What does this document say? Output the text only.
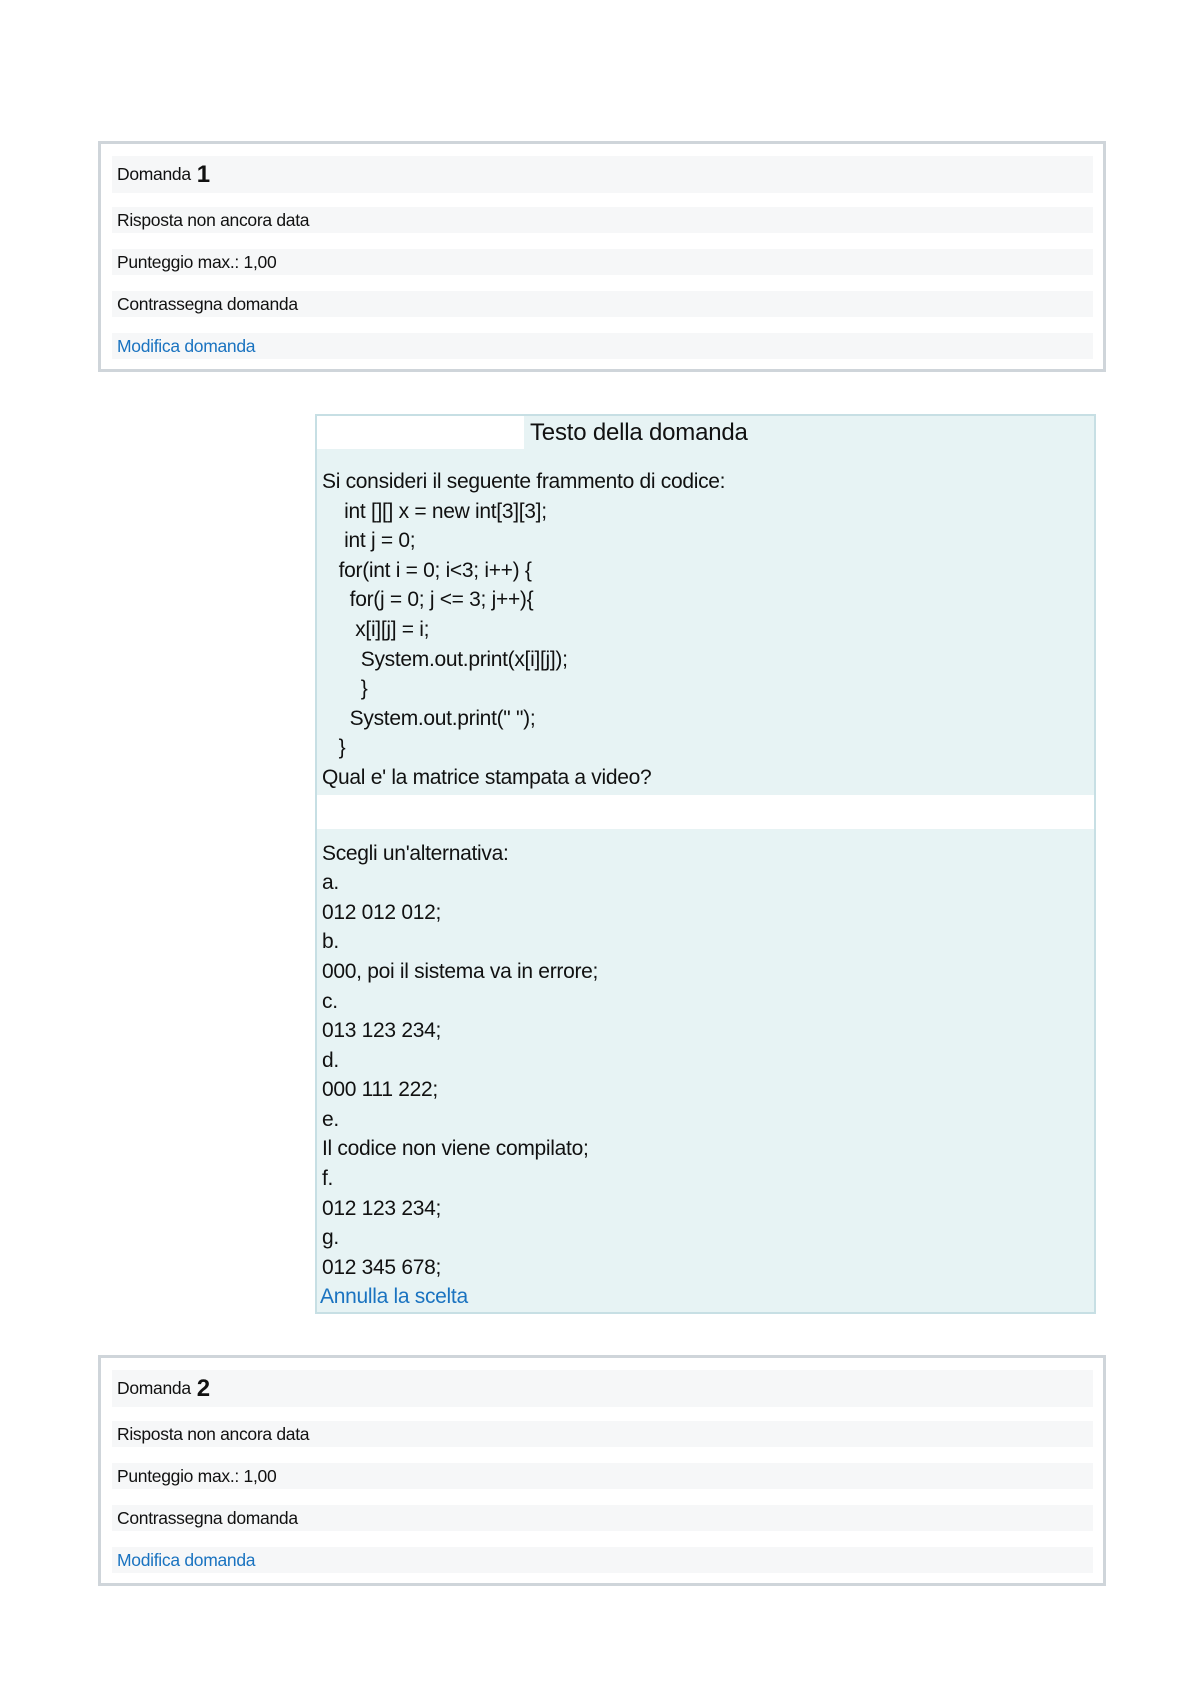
Domanda 1
Risposta non ancora data
Punteggio max.: 1,00
Contrassegna domanda
Modifica domanda
Testo della domanda
Si consideri il seguente frammento di codice:
int [][] x = new int[3][3];
int j = 0;
for(int i = 0; i<3; i++) {
for(j = 0; j <= 3; j++){
x[i][j] = i;
System.out.print(x[i][j]);
}
System.out.print(" ");
}
Qual e' la matrice stampata a video?
Scegli un'alternativa:
a.
012 012 012;
b.
000, poi il sistema va in errore;
c.
013 123 234;
d.
000 111 222;
e.
Il codice non viene compilato;
f.
012 123 234;
g.
012 345 678;
Annulla la scelta
Domanda 2
Risposta non ancora data
Punteggio max.: 1,00
Contrassegna domanda
Modifica domanda
